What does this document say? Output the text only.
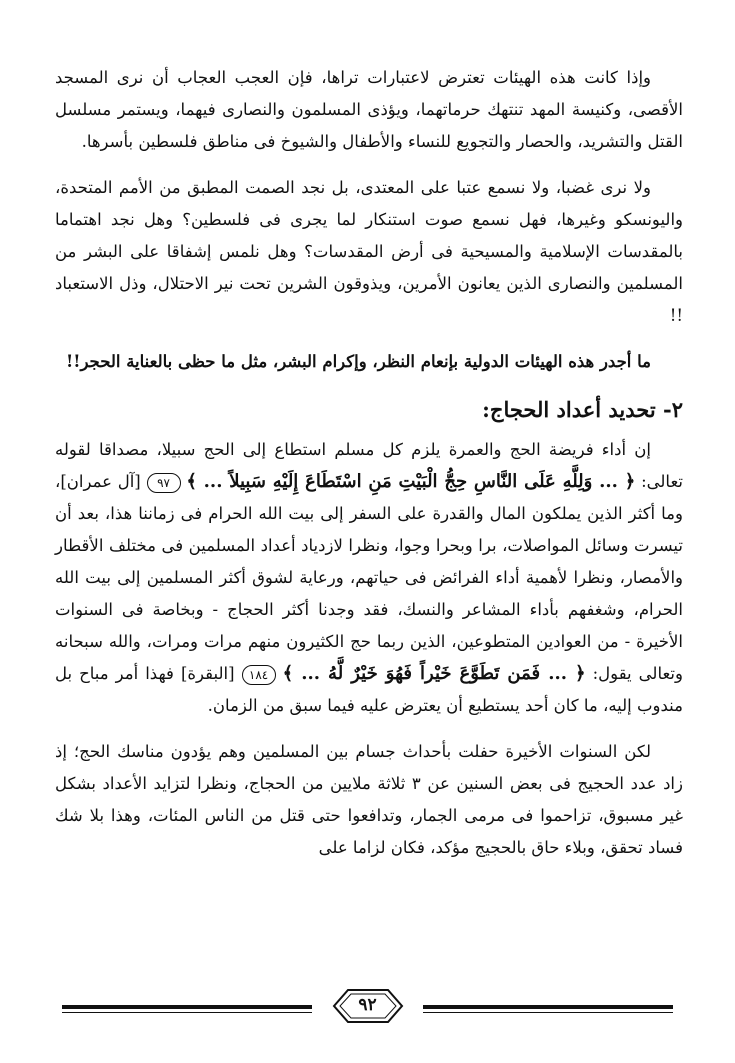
وإذا كانت هذه الهيئات تعترض لاعتبارات تراها، فإن العجب العجاب أن نرى المسجد الأقصى، وكنيسة المهد تنتهك حرماتهما، ويؤذى المسلمون والنصارى فيهما، ويستمر مسلسل القتل والتشريد، والحصار والتجويع للنساء والأطفال والشيوخ فى مناطق فلسطين بأسرها.

ولا نرى غضبا، ولا نسمع عتبا على المعتدى، بل نجد الصمت المطبق من الأمم المتحدة، واليونسكو وغيرها، فهل نسمع صوت استنكار لما يجرى فى فلسطين؟ وهل نجد اهتماما بالمقدسات الإسلامية والمسيحية فى أرض المقدسات؟ وهل نلمس إشفاقا على البشر من المسلمين والنصارى الذين يعانون الأمرين، ويذوقون الشرين تحت نير الاحتلال، وذل الاستعباد !!

ما أجدر هذه الهيئات الدولية بإنعام النظر، وإكرام البشر، مثل ما حظى بالعناية الحجر!!

٢- تحديد أعداد الحجاج:

إن أداء فريضة الحج والعمرة يلزم كل مسلم استطاع إلى الحج سبيلا، مصداقا لقوله تعالى: ﴿ ... وَلِلَّهِ عَلَى النَّاسِ حِجُّ الْبَيْتِ مَنِ اسْتَطَاعَ إِلَيْهِ سَبِيلاً ... ﴾ ٩٧ [آل عمران]، وما أكثر الذين يملكون المال والقدرة على السفر إلى بيت الله الحرام فى زماننا هذا، بعد أن تيسرت وسائل المواصلات، برا وبحرا وجوا، ونظرا لازدياد أعداد المسلمين فى مختلف الأقطار والأمصار، ونظرا لأهمية أداء الفرائض فى حياتهم، ورعاية لشوق أكثر المسلمين إلى بيت الله الحرام، وشغفهم بأداء المشاعر والنسك، فقد وجدنا أكثر الحجاج - وبخاصة فى السنوات الأخيرة - من العوادين المتطوعين، الذين ربما حج الكثيرون منهم مرات ومرات، والله سبحانه وتعالى يقول: ﴿ ... فَمَن تَطَوَّعَ خَيْراً فَهُوَ خَيْرٌ لَّهُ ... ﴾ ١٨٤ [البقرة] فهذا أمر مباح بل مندوب إليه، ما كان أحد يستطيع أن يعترض عليه فيما سبق من الزمان.

لكن السنوات الأخيرة حفلت بأحداث جسام بين المسلمين وهم يؤدون مناسك الحج؛ إذ زاد عدد الحجيج فى بعض السنين عن ٣ ثلاثة ملايين من الحجاج، ونظرا لتزايد الأعداد بشكل غير مسبوق، تزاحموا فى مرمى الجمار، وتدافعوا حتى قتل من الناس المئات، وهذا بلا شك فساد تحقق، وبلاء حاق بالحجيج مؤكد، فكان لزاما على

٩٢
